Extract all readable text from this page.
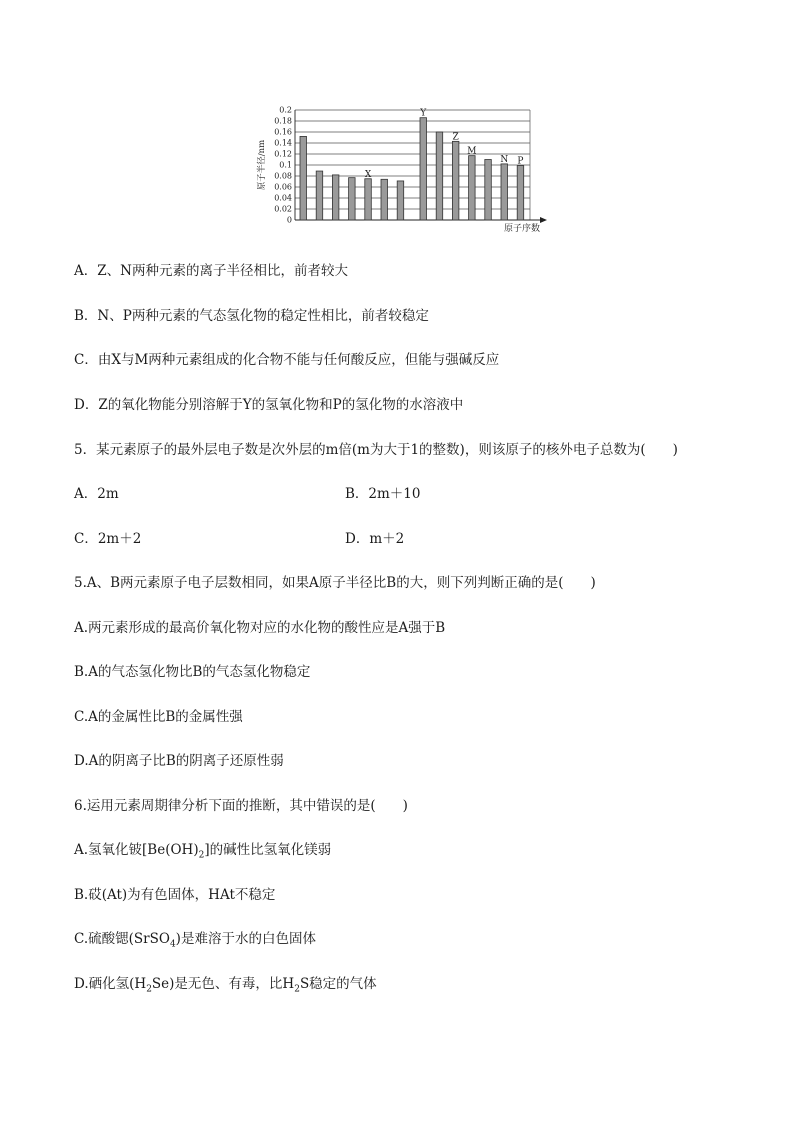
0
0.02
0.04
0.06
0.08
0.1
0.12
0.14
0.16
0.18
0.2
原子半径/nm
原子序数
X
Y
Z
M
N P
A．Z、N两种元素的离子半径相比，前者较大
B．N、P两种元素的气态氢化物的稳定性相比，前者较稳定
C．由X与M两种元素组成的化合物不能与任何酸反应，但能与强碱反应
D．Z的氧化物能分别溶解于Y的氢氧化物和P的氢化物的水溶液中
5．某元素原子的最外层电子数是次外层的m倍(m为大于1的整数)，则该原子的核外电子总数为(　　)
A．2m	B．2m＋10
C．2m＋2	D．m＋2
5.A、B两元素原子电子层数相同，如果A原子半径比B的大，则下列判断正确的是(　　)
A.两元素形成的最高价氧化物对应的水化物的酸性应是A强于B
B.A的气态氢化物比B的气态氢化物稳定
C.A的金属性比B的金属性强
D.A的阴离子比B的阴离子还原性弱
6.运用元素周期律分析下面的推断，其中错误的是(　　)
A.氢氧化铍$[Be(OH)_2]$的碱性比氢氧化镁弱
B.砹(At)为有色固体，HAt不稳定
C.硫酸锶(SrSO$_4$)是难溶于水的白色固体
D.硒化氢$(H_2Se)$是无色、有毒，比$H_2S$稳定的气体
